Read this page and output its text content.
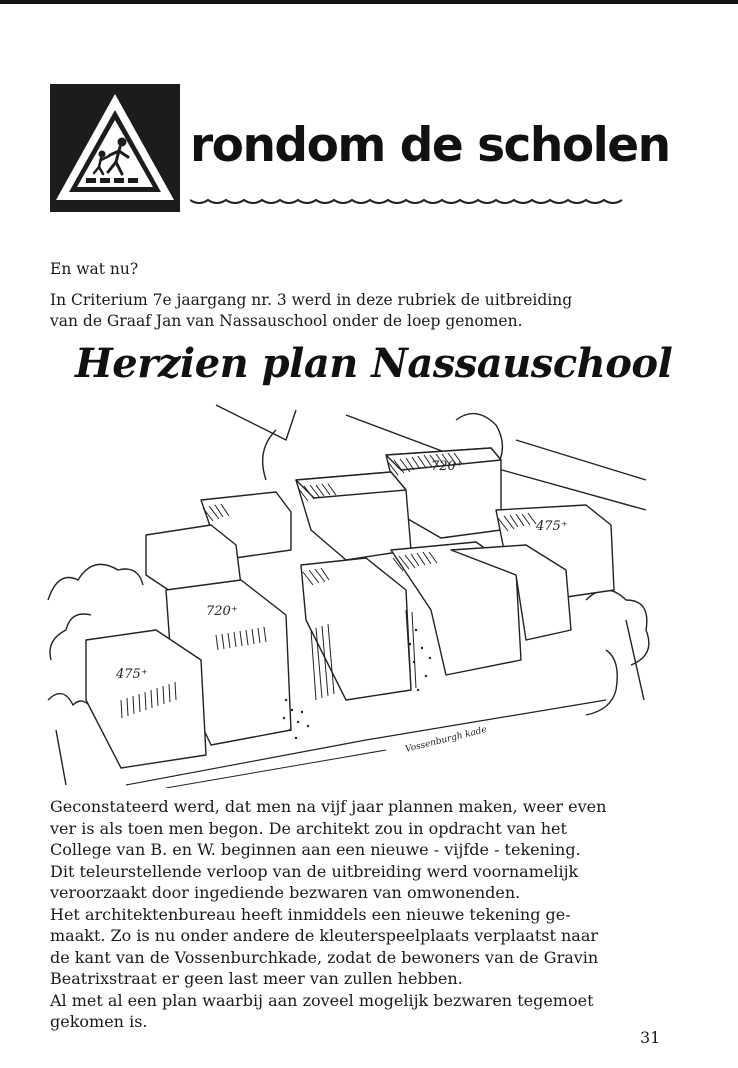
rondom de scholen
En wat nu?
In Criterium 7e jaargang nr. 3 werd in deze rubriek de uitbreiding
van de Graaf Jan van Nassauschool onder de loep genomen.
Herzien plan Nassauschool
720⁺
475⁺
720⁺
475⁺
Vossenburgh kade
Geconstateerd werd, dat men na vijf jaar plannen maken, weer even
ver is als toen men begon. De architekt zou in opdracht van het
College van B. en W. beginnen aan een nieuwe - vijfde - tekening.
Dit teleurstellende verloop van de uitbreiding werd voornamelijk
veroorzaakt door ingediende bezwaren van omwonenden.
Het architektenbureau heeft inmiddels een nieuwe tekening ge-
maakt. Zo is nu onder andere de kleuterspeelplaats verplaatst naar
de kant van de Vossenburchkade, zodat de bewoners van de Gravin
Beatrixstraat er geen last meer van zullen hebben.
Al met al een plan waarbij aan zoveel mogelijk bezwaren tegemoet
gekomen is.
31
